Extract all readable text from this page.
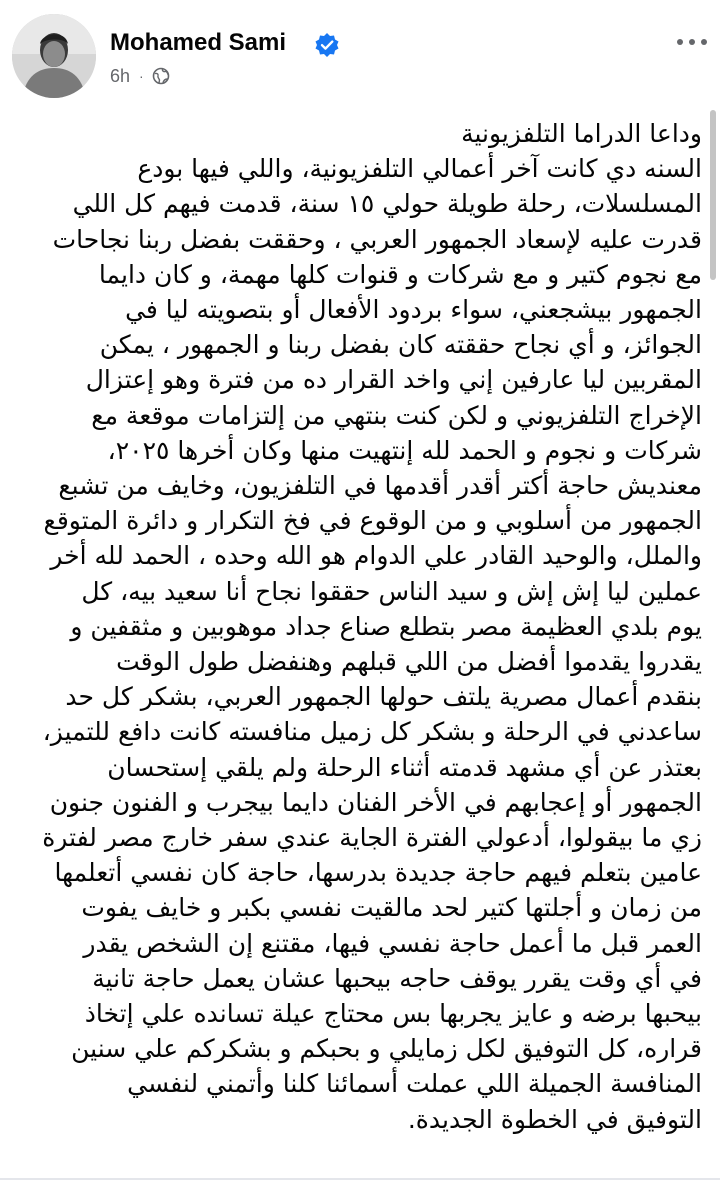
Mohamed Sami
6h ·
وداعا الدراما التلفزيونية
السنه دي كانت آخر أعمالي التلفزيونية، واللي فيها بودع
المسلسلات، رحلة طويلة حولي ١٥ سنة، قدمت فيهم كل اللي
قدرت عليه لإسعاد الجمهور العربي ، وحققت بفضل ربنا نجاحات
مع نجوم كتير و مع شركات و قنوات كلها مهمة، و كان دايما
الجمهور بيشجعني، سواء بردود الأفعال أو بتصويته ليا في
الجوائز، و أي نجاح حققته كان بفضل ربنا و الجمهور ، يمكن
المقربين ليا عارفين إني واخد القرار ده من فترة وهو إعتزال
الإخراج التلفزيوني و لكن كنت بنتهي من إلتزامات موقعة مع
شركات و نجوم و الحمد لله إنتهيت منها وكان أخرها ٢٠٢٥،
معنديش حاجة أكتر أقدر أقدمها في التلفزيون، وخايف من تشبع
الجمهور من أسلوبي و من الوقوع في فخ التكرار و دائرة المتوقع
والملل، والوحيد القادر علي الدوام هو الله وحده ، الحمد لله أخر
عملين ليا إش إش و سيد الناس حققوا نجاح أنا سعيد بيه، كل
يوم بلدي العظيمة مصر بتطلع صناع جداد موهوبين و مثقفين و
يقدروا يقدموا أفضل من اللي قبلهم وهنفضل طول الوقت
بنقدم أعمال مصرية يلتف حولها الجمهور العربي، بشكر كل حد
ساعدني في الرحلة و بشكر كل زميل منافسته كانت دافع للتميز،
بعتذر عن أي مشهد قدمته أثناء الرحلة ولم يلقي إستحسان
الجمهور أو إعجابهم في الأخر الفنان دايما بيجرب و الفنون جنون
زي ما بيقولوا، أدعولي الفترة الجاية عندي سفر خارج مصر لفترة
عامين بتعلم فيهم حاجة جديدة بدرسها، حاجة كان نفسي أتعلمها
من زمان و أجلتها كتير لحد مالقيت نفسي بكبر و خايف يفوت
العمر قبل ما أعمل حاجة نفسي فيها، مقتنع إن الشخص يقدر
في أي وقت يقرر يوقف حاجه بيحبها عشان يعمل حاجة تانية
بيحبها برضه و عايز يجربها بس محتاج عيلة تسانده علي إتخاذ
قراره، كل التوفيق لكل زمايلي و بحبكم و بشكركم علي سنين
المنافسة الجميلة اللي عملت أسمائنا كلنا وأتمني لنفسي
التوفيق في الخطوة الجديدة.
